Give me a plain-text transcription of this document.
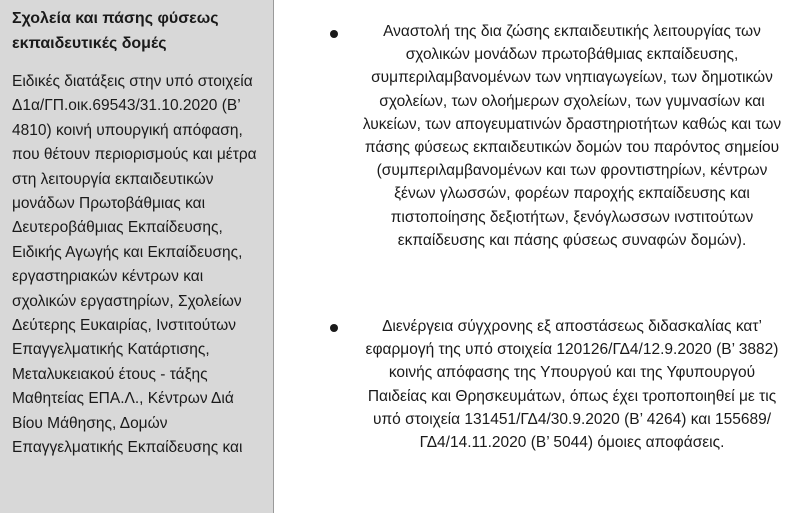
Σχολεία και πάσης φύσεως εκπαιδευτικές δομές

Ειδικές διατάξεις στην υπό στοιχεία Δ1α/ΓΠ.οικ.69543/31.10.2020 (Β’ 4810) κοινή υπουργική απόφαση, που θέτουν περιορισμούς και μέτρα στη λειτουργία εκπαιδευτικών μονάδων Πρωτοβάθμιας και Δευτεροβάθμιας Εκπαίδευσης, Ειδικής Αγωγής και Εκπαίδευσης, εργαστηριακών κέντρων και σχολικών εργαστηρίων, Σχολείων Δεύτερης Ευκαιρίας, Ινστιτούτων Επαγγελματικής Κατάρτισης, Μεταλυκειακού έτους - τάξης Μαθητείας ΕΠΑ.Λ., Κέντρων Διά Βίου Μάθησης, Δομών Επαγγελματικής Εκπαίδευσης και

Αναστολή της δια ζώσης εκπαιδευτικής λειτουργίας των σχολικών μονάδων πρωτοβάθμιας εκπαίδευσης, συμπεριλαμβανομένων των νηπιαγωγείων, των δημοτικών σχολείων, των ολοήμερων σχολείων, των γυμνασίων και λυκείων, των απογευματινών δραστηριοτήτων καθώς και των πάσης φύσεως εκπαιδευτικών δομών του παρόντος σημείου (συμπεριλαμβανομένων και των φροντιστηρίων, κέντρων ξένων γλωσσών, φορέων παροχής εκπαίδευσης και πιστοποίησης δεξιοτήτων, ξενόγλωσσων ινστιτούτων εκπαίδευσης και πάσης φύσεως συναφών δομών).
Διενέργεια σύγχρονης εξ αποστάσεως διδασκαλίας κατ’ εφαρμογή της υπό στοιχεία 120126/ΓΔ4/12.9.2020 (Β’ 3882) κοινής απόφασης της Υπουργού και της Υφυπουργού Παιδείας και Θρησκευμάτων, όπως έχει τροποποιηθεί με τις υπό στοιχεία 131451/ΓΔ4/30.9.2020 (Β’ 4264) και 155689/ΓΔ4/14.11.2020 (Β’ 5044) όμοιες αποφάσεις.
